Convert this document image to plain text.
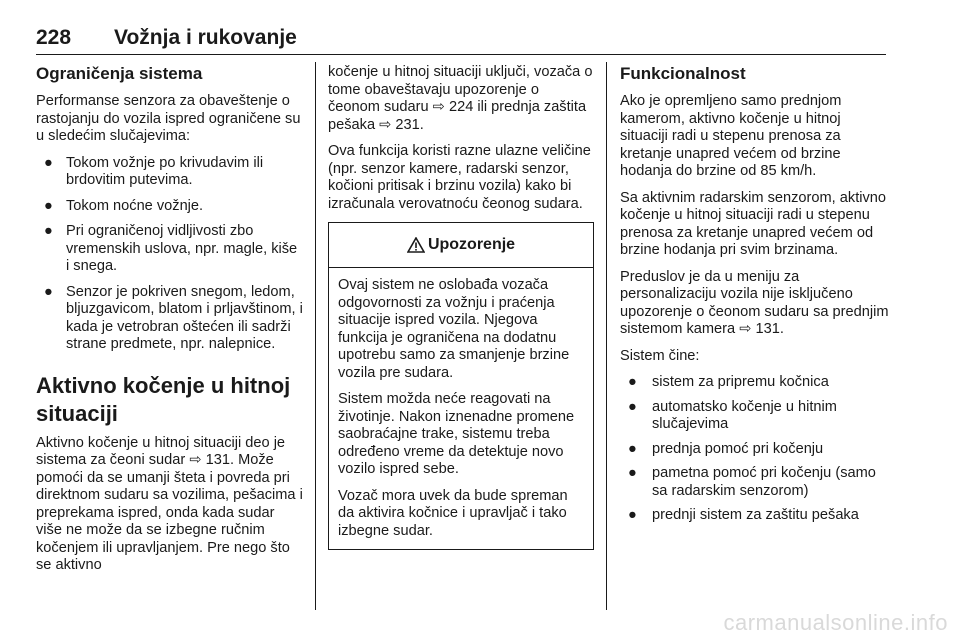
228 Vožnja i rukovanje
Ograničenja sistema

Performanse senzora za obaveštenje o rastojanju do vozila ispred ograničene su u sledećim slučajevima:

● Tokom vožnje po krivudavim ili brdovitim putevima.
● Tokom noćne vožnje.
● Pri ograničenoj vidljivosti zbo vremenskih uslova, npr. magle, kiše i snega.
● Senzor je pokriven snegom, ledom, bljuzgavicom, blatom i prljavštinom, i kada je vetrobran oštećen ili sadrži strane predmete, npr. nalepnice.
Aktivno kočenje u hitnoj situaciji

Aktivno kočenje u hitnoj situaciji deo je sistema za čeoni sudar ⇨ 131. Može pomoći da se umanji šteta i povreda pri direktnom sudaru sa vozilima, pešacima i preprekama ispred, onda kada sudar više ne može da se izbegne ručnim kočenjem ili upravljanjem. Pre nego što se aktivno

kočenje u hitnoj situaciji uključi, vozača o tome obaveštavaju upozorenje o čeonom sudaru ⇨ 224 ili prednja zaštita pešaka ⇨ 231.

Ova funkcija koristi razne ulazne veličine (npr. senzor kamere, radarski senzor, kočioni pritisak i brzinu vozila) kako bi izračunala verovatnoću čeonog sudara.

Upozorenje

Ovaj sistem ne oslobađa vozača odgovornosti za vožnju i praćenja situacije ispred vozila. Njegova funkcija je ograničena na dodatnu upotrebu samo za smanjenje brzine vozila pre sudara.

Sistem možda neće reagovati na životinje. Nakon iznenadne promene saobraćajne trake, sistemu treba određeno vreme da detektuje novo vozilo ispred sebe.

Vozač mora uvek da bude spreman da aktivira kočnice i upravljač i tako izbegne sudar.

Funkcionalnost

Ako je opremljeno samo prednjom kamerom, aktivno kočenje u hitnoj situaciji radi u stepenu prenosa za kretanje unapred većem od brzine hodanja do brzine od 85 km/h.

Sa aktivnim radarskim senzorom, aktivno kočenje u hitnoj situaciji radi u stepenu prenosa za kretanje unapred većem od brzine hodanja pri svim brzinama.

Preduslov je da u meniju za personalizaciju vozila nije isključeno upozorenje o čeonom sudaru sa prednjim sistemom kamera ⇨ 131.

Sistem čine:

● sistem za pripremu kočnica
● automatsko kočenje u hitnim slučajevima
● prednja pomoć pri kočenju
● pametna pomoć pri kočenju (samo sa radarskim senzorom)
● prednji sistem za zaštitu pešaka
carmanualsonline.info
